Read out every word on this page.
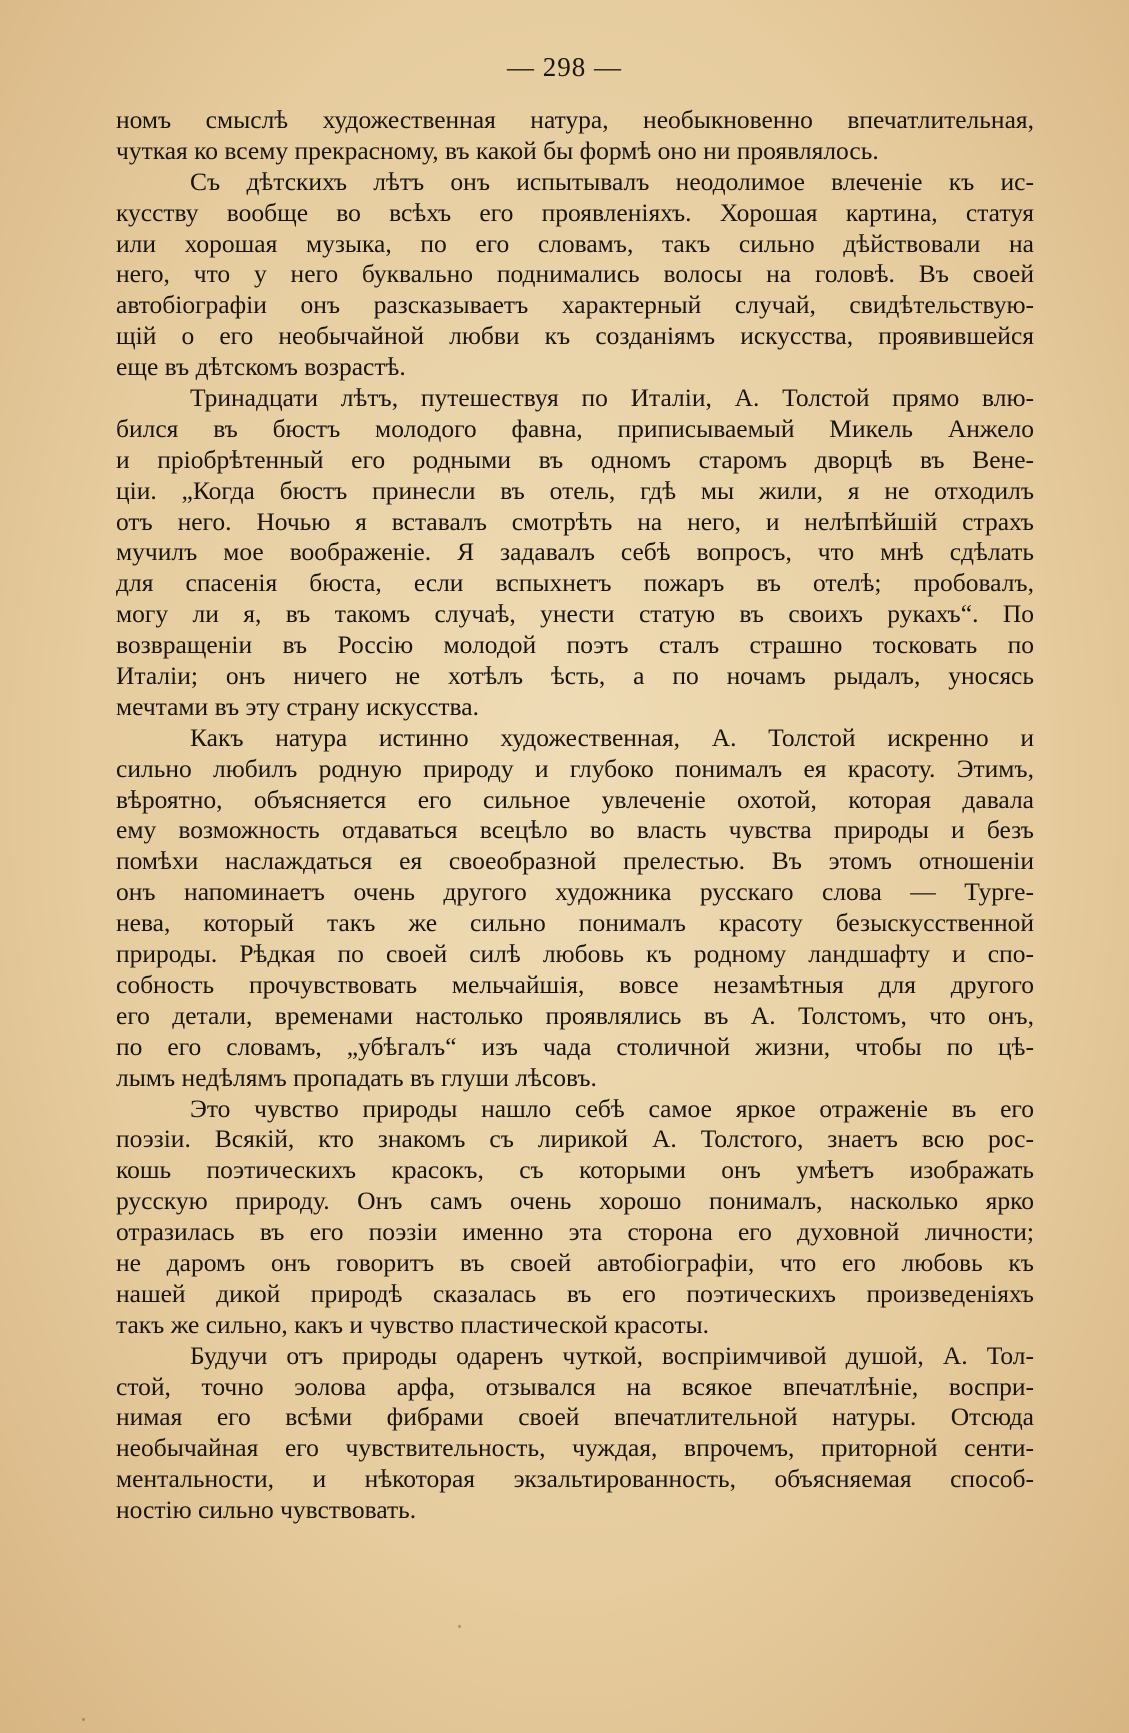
— 298 —

номъ смыслѣ художественная натура, необыкновенно впечатлительная,
чуткая ко всему прекрасному, въ какой бы формѣ оно ни проявлялось.

Съ дѣтскихъ лѣтъ онъ испытывалъ неодолимое влеченіе къ ис-
кусству вообще во всѣхъ его проявленіяхъ. Хорошая картина, статуя
или хорошая музыка, по его словамъ, такъ сильно дѣйствовали на
него, что у него буквально поднимались волосы на головѣ. Въ своей
автобіографіи онъ разсказываетъ характерный случай, свидѣтельствую-
щій о его необычайной любви къ созданіямъ искусства, проявившейся
еще въ дѣтскомъ возрастѣ.

Тринадцати лѣтъ, путешествуя по Италіи, А. Толстой прямо влю-
бился въ бюстъ молодого фавна, приписываемый Микель Анжело
и пріобрѣтенный его родными въ одномъ старомъ дворцѣ въ Вене-
ціи. „Когда бюстъ принесли въ отель, гдѣ мы жили, я не отходилъ
отъ него. Ночью я вставалъ смотрѣть на него, и нелѣпѣйшій страхъ
мучилъ мое воображеніе. Я задавалъ себѣ вопросъ, что мнѣ сдѣлать
для спасенія бюста, если вспыхнетъ пожаръ въ отелѣ; пробовалъ,
могу ли я, въ такомъ случаѣ, унести статую въ своихъ рукахъ“. По
возвращеніи въ Россію молодой поэтъ сталъ страшно тосковать по
Италіи; онъ ничего не хотѣлъ ѣсть, а по ночамъ рыдалъ, уносясь
мечтами въ эту страну искусства.

Какъ натура истинно художественная, А. Толстой искренно и
сильно любилъ родную природу и глубоко понималъ ея красоту. Этимъ,
вѣроятно, объясняется его сильное увлеченіе охотой, которая давала
ему возможность отдаваться всецѣло во власть чувства природы и безъ
помѣхи наслаждаться ея своеобразной прелестью. Въ этомъ отношеніи
онъ напоминаетъ очень другого художника русскаго слова — Турге-
нева, который такъ же сильно понималъ красоту безыскусственной
природы. Рѣдкая по своей силѣ любовь къ родному ландшафту и спо-
собность прочувствовать мельчайшія, вовсе незамѣтныя для другого
его детали, временами настолько проявлялись въ А. Толстомъ, что онъ,
по его словамъ, „убѣгалъ“ изъ чада столичной жизни, чтобы по цѣ-
лымъ недѣлямъ пропадать въ глуши лѣсовъ.

Это чувство природы нашло себѣ самое яркое отраженіе въ его
поэзіи. Всякій, кто знакомъ съ лирикой А. Толстого, знаетъ всю рос-
кошь поэтическихъ красокъ, съ которыми онъ умѣетъ изображать
русскую природу. Онъ самъ очень хорошо понималъ, насколько ярко
отразилась въ его поэзіи именно эта сторона его духовной личности;
не даромъ онъ говоритъ въ своей автобіографіи, что его любовь къ
нашей дикой природѣ сказалась въ его поэтическихъ произведеніяхъ
такъ же сильно, какъ и чувство пластической красоты.

Будучи отъ природы одаренъ чуткой, воспріимчивой душой, А. Тол-
стой, точно эолова арфа, отзывался на всякое впечатлѣніе, воспри-
нимая его всѣми фибрами своей впечатлительной натуры. Отсюда
необычайная его чувствительность, чуждая, впрочемъ, приторной сенти-
ментальности, и нѣкоторая экзальтированность, объясняемая способ-
ностію сильно чувствовать.
